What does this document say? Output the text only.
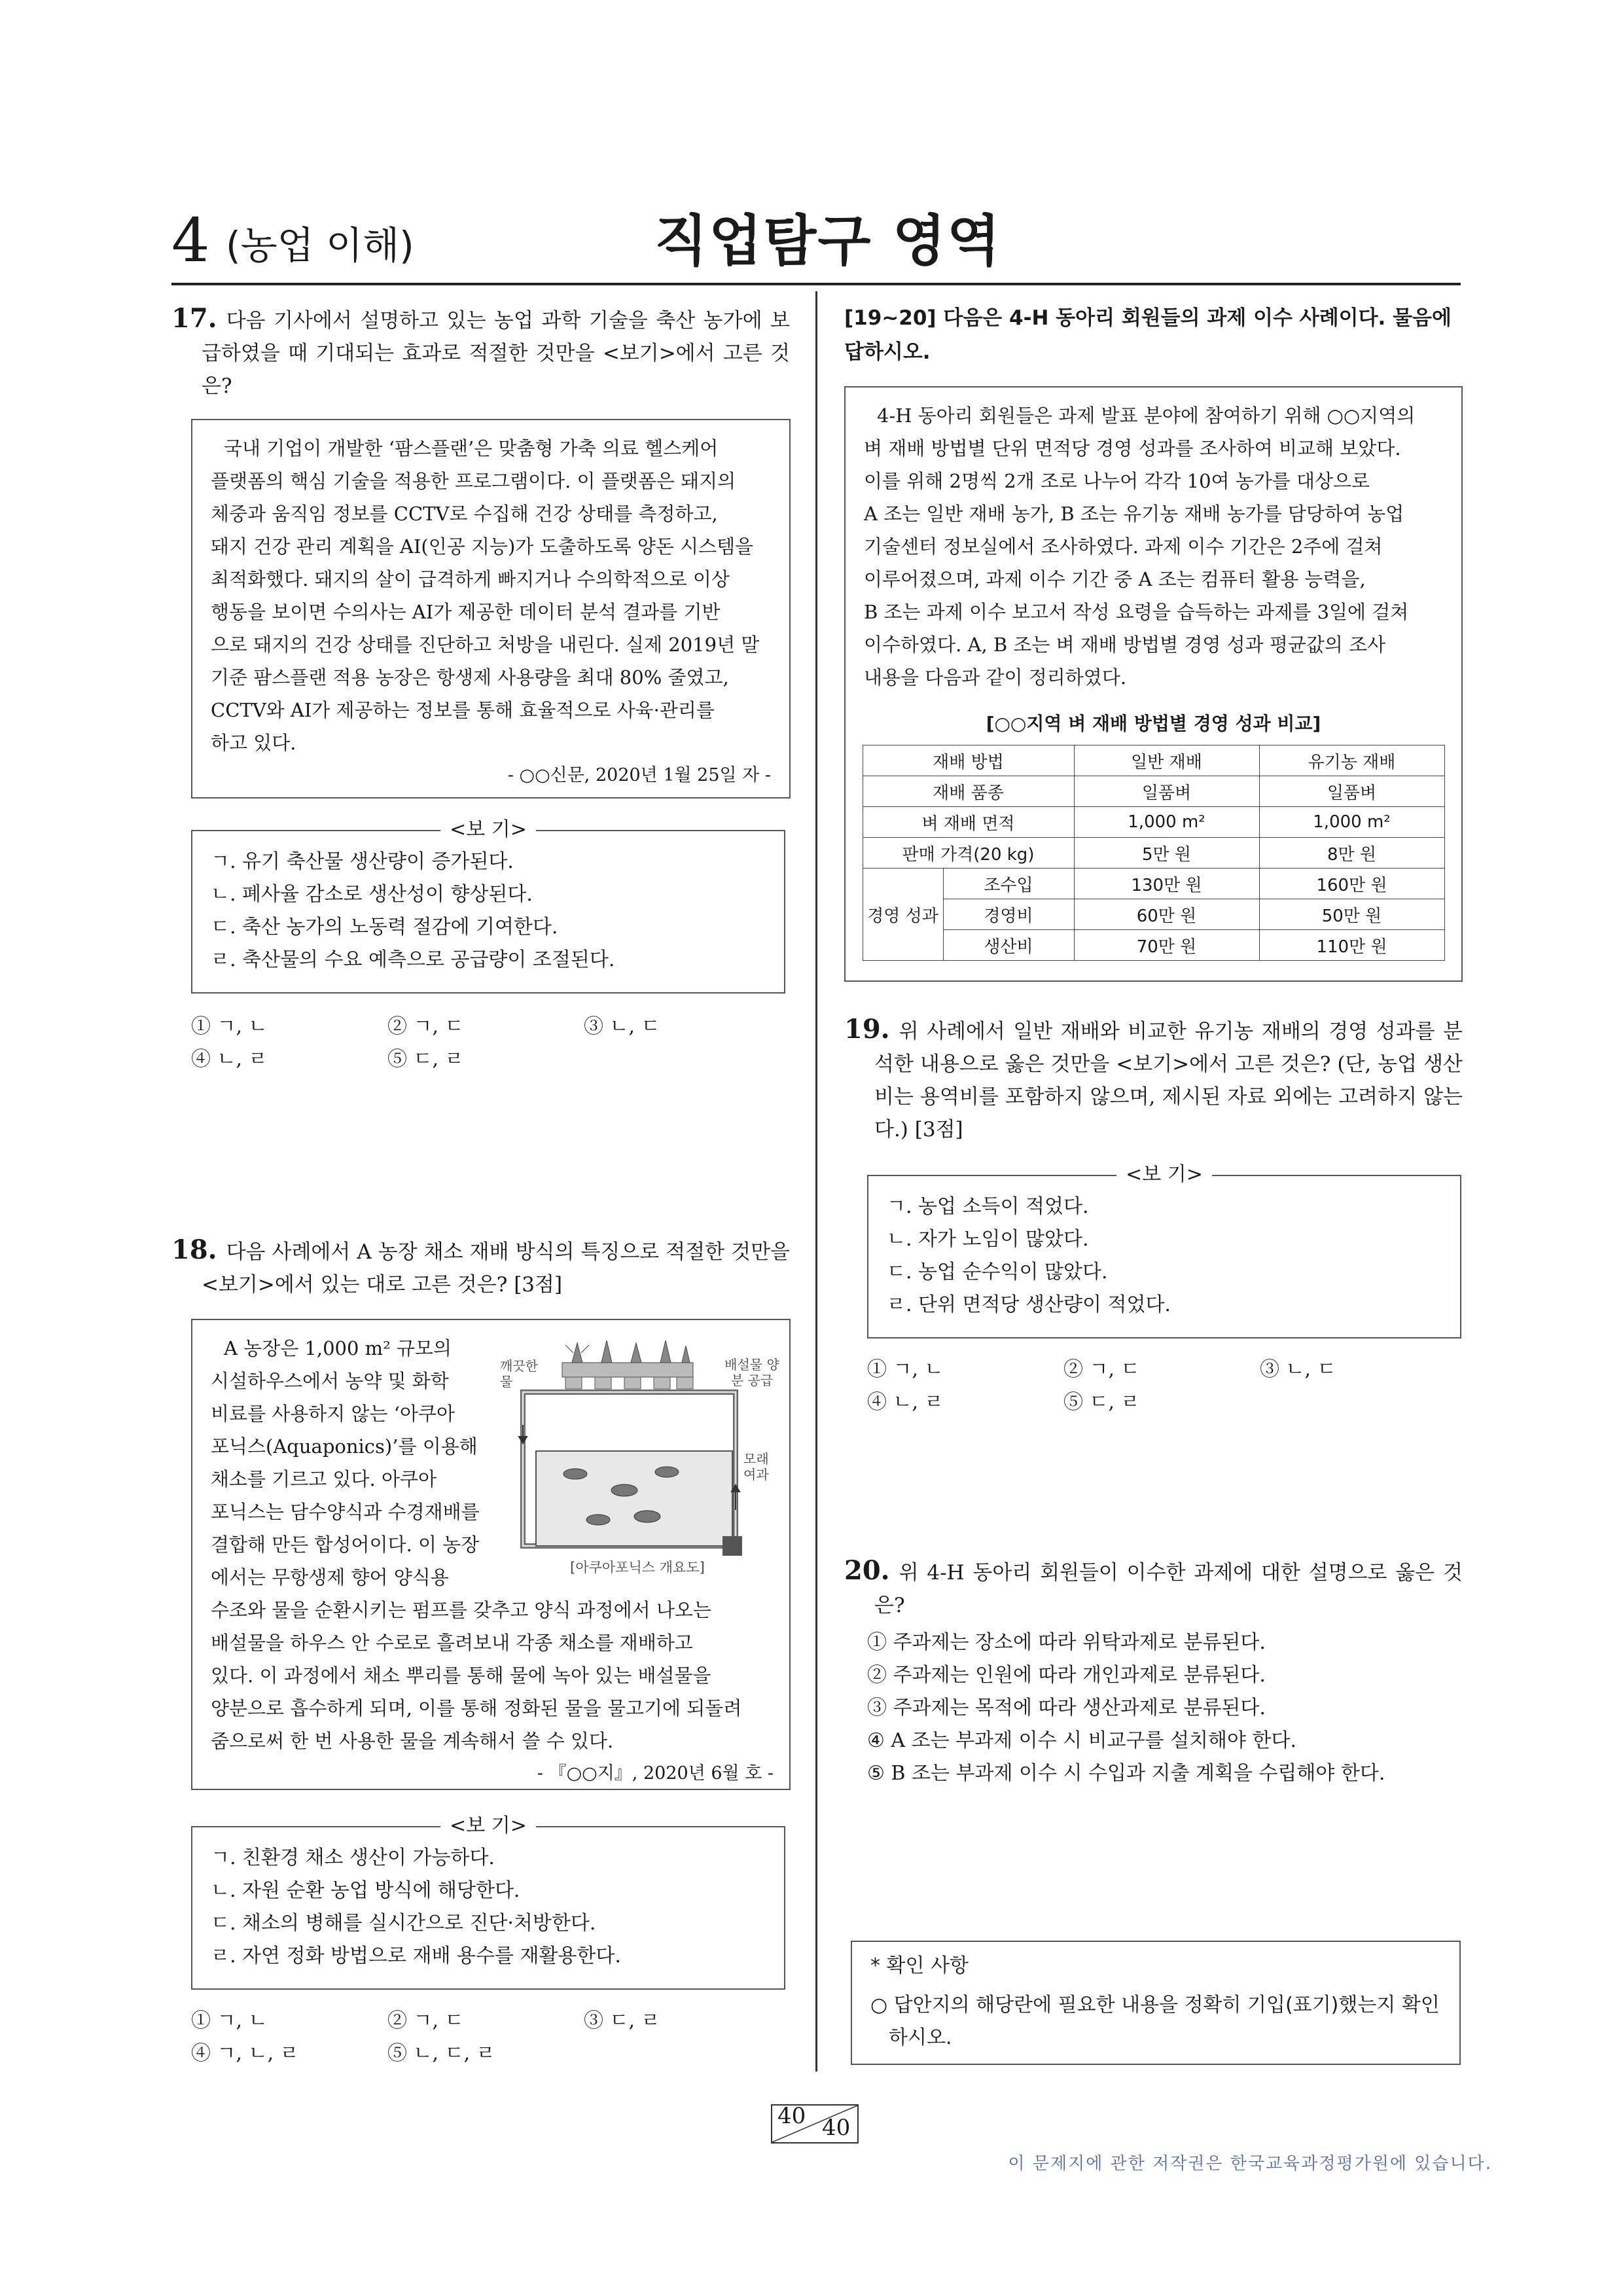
4 (농업 이해)	직업탐구 영역
17. 다음 기사에서 설명하고 있는 농업 과학 기술을 축산 농가에 보급하였을 때 기대되는 효과로 적절한 것만을 <보기>에서 고른 것은?
국내 기업이 개발한 ‘팜스플랜’은 맞춤형 가축 의료 헬스케어
플랫폼의 핵심 기술을 적용한 프로그램이다. 이 플랫폼은 돼지의
체중과 움직임 정보를 CCTV로 수집해 건강 상태를 측정하고,
돼지 건강 관리 계획을 AI(인공 지능)가 도출하도록 양돈 시스템을
최적화했다. 돼지의 살이 급격하게 빠지거나 수의학적으로 이상
행동을 보이면 수의사는 AI가 제공한 데이터 분석 결과를 기반
으로 돼지의 건강 상태를 진단하고 처방을 내린다. 실제 2019년 말
기준 팜스플랜 적용 농장은 항생제 사용량을 최대 80% 줄였고,
CCTV와 AI가 제공하는 정보를 통해 효율적으로 사육·관리를
하고 있다.
- ○○신문, 2020년 1월 25일 자 -
<보 기>
ㄱ. 유기 축산물 생산량이 증가된다.
ㄴ. 폐사율 감소로 생산성이 향상된다.
ㄷ. 축산 농가의 노동력 절감에 기여한다.
ㄹ. 축산물의 수요 예측으로 공급량이 조절된다.
① ㄱ, ㄴ	② ㄱ, ㄷ	③ ㄴ, ㄷ
④ ㄴ, ㄹ	⑤ ㄷ, ㄹ
18. 다음 사례에서 A 농장 채소 재배 방식의 특징으로 적절한 것만을 <보기>에서 있는 대로 고른 것은? [3점]
A 농장은 1,000 m² 규모의
시설하우스에서 농약 및 화학
비료를 사용하지 않는 ‘아쿠아
포닉스(Aquaponics)’를 이용해
채소를 기르고 있다. 아쿠아
포닉스는 담수양식과 수경재배를
결합해 만든 합성어이다. 이 농장
에서는 무항생제 향어 양식용
깨끗한 물
배설물 양분 공급
모래 여과
[아쿠아포닉스 개요도]
수조와 물을 순환시키는 펌프를 갖추고 양식 과정에서 나오는
배설물을 하우스 안 수로로 흘려보내 각종 채소를 재배하고
있다. 이 과정에서 채소 뿌리를 통해 물에 녹아 있는 배설물을
양분으로 흡수하게 되며, 이를 통해 정화된 물을 물고기에 되돌려
줌으로써 한 번 사용한 물을 계속해서 쓸 수 있다.
- 『○○지』, 2020년 6월 호 -
<보 기>
ㄱ. 친환경 채소 생산이 가능하다.
ㄴ. 자원 순환 농업 방식에 해당한다.
ㄷ. 채소의 병해를 실시간으로 진단·처방한다.
ㄹ. 자연 정화 방법으로 재배 용수를 재활용한다.
① ㄱ, ㄴ	② ㄱ, ㄷ	③ ㄷ, ㄹ
④ ㄱ, ㄴ, ㄹ	⑤ ㄴ, ㄷ, ㄹ
[19~20] 다음은 4-H 동아리 회원들의 과제 이수 사례이다. 물음에 답하시오.
4-H 동아리 회원들은 과제 발표 분야에 참여하기 위해 ○○지역의
벼 재배 방법별 단위 면적당 경영 성과를 조사하여 비교해 보았다.
이를 위해 2명씩 2개 조로 나누어 각각 10여 농가를 대상으로
A 조는 일반 재배 농가, B 조는 유기농 재배 농가를 담당하여 농업
기술센터 정보실에서 조사하였다. 과제 이수 기간은 2주에 걸쳐
이루어졌으며, 과제 이수 기간 중 A 조는 컴퓨터 활용 능력을,
B 조는 과제 이수 보고서 작성 요령을 습득하는 과제를 3일에 걸쳐
이수하였다. A, B 조는 벼 재배 방법별 경영 성과 평균값의 조사
내용을 다음과 같이 정리하였다.
[○○지역 벼 재배 방법별 경영 성과 비교]
재배 방법		일반 재배	유기농 재배
재배 품종		일품벼	일품벼
벼 재배 면적		1,000 m²	1,000 m²
판매 가격(20 kg)		5만 원	8만 원
경영 성과	조수입	130만 원	160만 원
	경영비	60만 원	50만 원
	생산비	70만 원	110만 원
19. 위 사례에서 일반 재배와 비교한 유기농 재배의 경영 성과를 분석한 내용으로 옳은 것만을 <보기>에서 고른 것은? (단, 농업 생산비는 용역비를 포함하지 않으며, 제시된 자료 외에는 고려하지 않는다.) [3점]
<보 기>
ㄱ. 농업 소득이 적었다.
ㄴ. 자가 노임이 많았다.
ㄷ. 농업 순수익이 많았다.
ㄹ. 단위 면적당 생산량이 적었다.
① ㄱ, ㄴ	② ㄱ, ㄷ	③ ㄴ, ㄷ
④ ㄴ, ㄹ	⑤ ㄷ, ㄹ
20. 위 4-H 동아리 회원들이 이수한 과제에 대한 설명으로 옳은 것은?
① 주과제는 장소에 따라 위탁과제로 분류된다.
② 주과제는 인원에 따라 개인과제로 분류된다.
③ 주과제는 목적에 따라 생산과제로 분류된다.
④ A 조는 부과제 이수 시 비교구를 설치해야 한다.
⑤ B 조는 부과제 이수 시 수입과 지출 계획을 수립해야 한다.
* 확인 사항
○ 답안지의 해당란에 필요한 내용을 정확히 기입(표기)했는지 확인하시오.
40 40
이 문제지에 관한 저작권은 한국교육과정평가원에 있습니다.
